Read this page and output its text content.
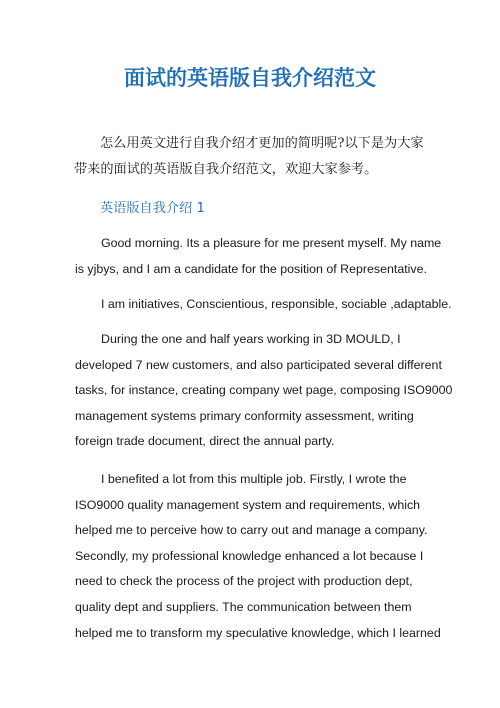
面试的英语版自我介绍范文

怎么用英文进行自我介绍才更加的简明呢?以下是为大家带来的面试的英语版自我介绍范文，欢迎大家参考。

英语版自我介绍 1

Good morning. Its a pleasure for me present myself. My name
is yjbys, and I am a candidate for the position of Representative.

I am initiatives, Conscientious, responsible, sociable ,adaptable.

During the one and half years working in 3D MOULD, I
developed 7 new customers, and also participated several different
tasks, for instance, creating company wet page, composing ISO9000
management systems primary conformity assessment, writing
foreign trade document, direct the annual party.

I benefited a lot from this multiple job. Firstly, I wrote the
ISO9000 quality management system and requirements, which
helped me to perceive how to carry out and manage a company.
Secondly, my professional knowledge enhanced a lot because I
need to check the process of the project with production dept,
quality dept and suppliers. The communication between them
helped me to transform my speculative knowledge, which I learned
